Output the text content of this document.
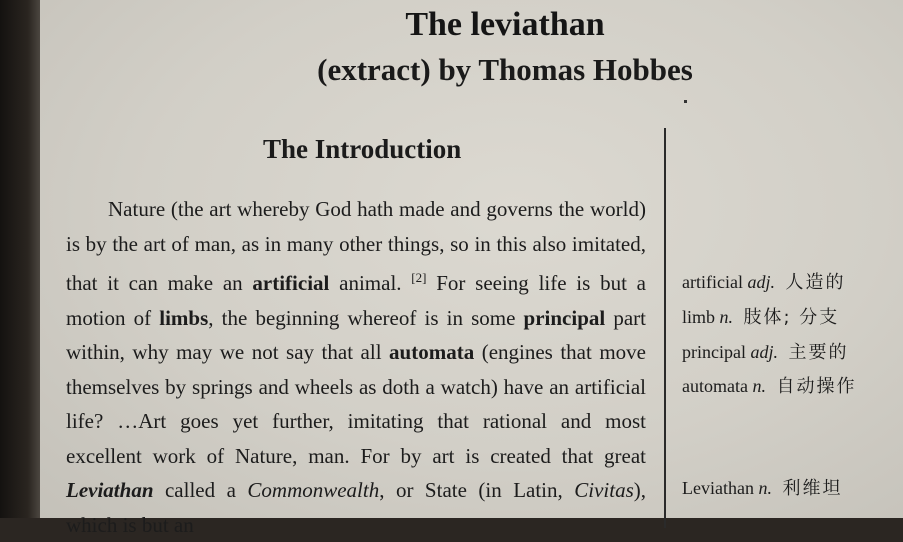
The leviathan
(extract) by Thomas Hobbes
The Introduction

Nature (the art whereby God hath made and governs the world) is by the art of man, as in many other things, so in this also imitated, that it can make an artificial animal. [2] For seeing life is but a motion of limbs, the beginning whereof is in some principal part within, why may we not say that all automata (engines that move themselves by springs and wheels as doth a watch) have an artificial life? …Art goes yet further, imitating that rational and most excellent work of Nature, man. For by art is created that great Leviathan called a Commonwealth, or State (in Latin, Civitas), which is but an

artificial adj. 人造的
limb n. 肢体; 分支
principal adj. 主要的
automata n. 自动操作
Leviathan n. 利维坦
